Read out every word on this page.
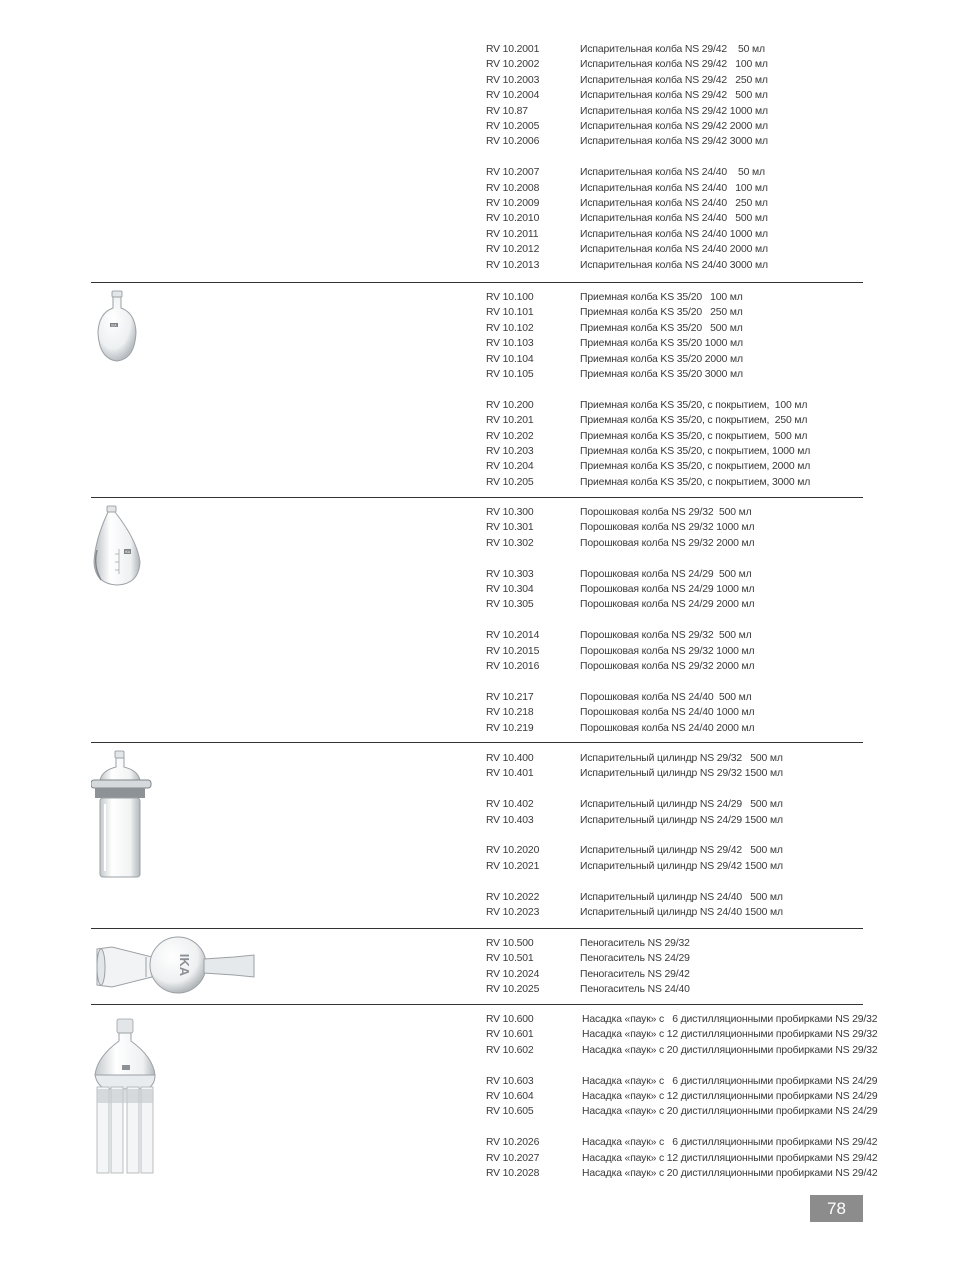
RV 10.2001	Испарительная колба NS 29/42    50 мл
RV 10.2002	Испарительная колба NS 29/42   100 мл
RV 10.2003	Испарительная колба NS 29/42   250 мл
RV 10.2004	Испарительная колба NS 29/42   500 мл
RV 10.87	Испарительная колба NS 29/42 1000 мл
RV 10.2005	Испарительная колба NS 29/42 2000 мл
RV 10.2006	Испарительная колба NS 29/42 3000 мл
RV 10.2007	Испарительная колба NS 24/40    50 мл
RV 10.2008	Испарительная колба NS 24/40   100 мл
RV 10.2009	Испарительная колба NS 24/40   250 мл
RV 10.2010	Испарительная колба NS 24/40   500 мл
RV 10.2011	Испарительная колба NS 24/40 1000 мл
RV 10.2012	Испарительная колба NS 24/40 2000 мл
RV 10.2013	Испарительная колба NS 24/40 3000 мл
IKA
RV 10.100	Приемная колба KS 35/20   100 мл
RV 10.101	Приемная колба KS 35/20   250 мл
RV 10.102	Приемная колба KS 35/20   500 мл
RV 10.103	Приемная колба KS 35/20 1000 мл
RV 10.104	Приемная колба KS 35/20 2000 мл
RV 10.105	Приемная колба KS 35/20 3000 мл
RV 10.200	Приемная колба KS 35/20, с покрытием,  100 мл
RV 10.201	Приемная колба KS 35/20, с покрытием,  250 мл
RV 10.202	Приемная колба KS 35/20, с покрытием,  500 мл
RV 10.203	Приемная колба KS 35/20, с покрытием, 1000 мл
RV 10.204	Приемная колба KS 35/20, с покрытием, 2000 мл
RV 10.205	Приемная колба KS 35/20, с покрытием, 3000 мл
IKA
RV 10.300	Порошковая колба NS 29/32  500 мл
RV 10.301	Порошковая колба NS 29/32 1000 мл
RV 10.302	Порошковая колба NS 29/32 2000 мл
RV 10.303	Порошковая колба NS 24/29  500 мл
RV 10.304	Порошковая колба NS 24/29 1000 мл
RV 10.305	Порошковая колба NS 24/29 2000 мл
RV 10.2014	Порошковая колба NS 29/32  500 мл
RV 10.2015	Порошковая колба NS 29/32 1000 мл
RV 10.2016	Порошковая колба NS 29/32 2000 мл
RV 10.217	Порошковая колба NS 24/40  500 мл
RV 10.218	Порошковая колба NS 24/40 1000 мл
RV 10.219	Порошковая колба NS 24/40 2000 мл
RV 10.400	Испарительный цилиндр NS 29/32   500 мл
RV 10.401	Испарительный цилиндр NS 29/32 1500 мл
RV 10.402	Испарительный цилиндр NS 24/29   500 мл
RV 10.403	Испарительный цилиндр NS 24/29 1500 мл
RV 10.2020	Испарительный цилиндр NS 29/42   500 мл
RV 10.2021	Испарительный цилиндр NS 29/42 1500 мл
RV 10.2022	Испарительный цилиндр NS 24/40   500 мл
RV 10.2023	Испарительный цилиндр NS 24/40 1500 мл
IKA
RV 10.500	Пеногаситель NS 29/32
RV 10.501	Пеногаситель NS 24/29
RV 10.2024	Пеногаситель NS 29/42
RV 10.2025	Пеногаситель NS 24/40
RV 10.600	Насадка «паук» с   6 дистилляционными пробирками NS 29/32
RV 10.601	Насадка «паук» с 12 дистилляционными пробирками NS 29/32
RV 10.602	Насадка «паук» с 20 дистилляционными пробирками NS 29/32
RV 10.603	Насадка «паук» с   6 дистилляционными пробирками NS 24/29
RV 10.604	Насадка «паук» с 12 дистилляционными пробирками NS 24/29
RV 10.605	Насадка «паук» с 20 дистилляционными пробирками NS 24/29
RV 10.2026	Насадка «паук» с   6 дистилляционными пробирками NS 29/42
RV 10.2027	Насадка «паук» с 12 дистилляционными пробирками NS 29/42
RV 10.2028	Насадка «паук» с 20 дистилляционными пробирками NS 29/42
78
